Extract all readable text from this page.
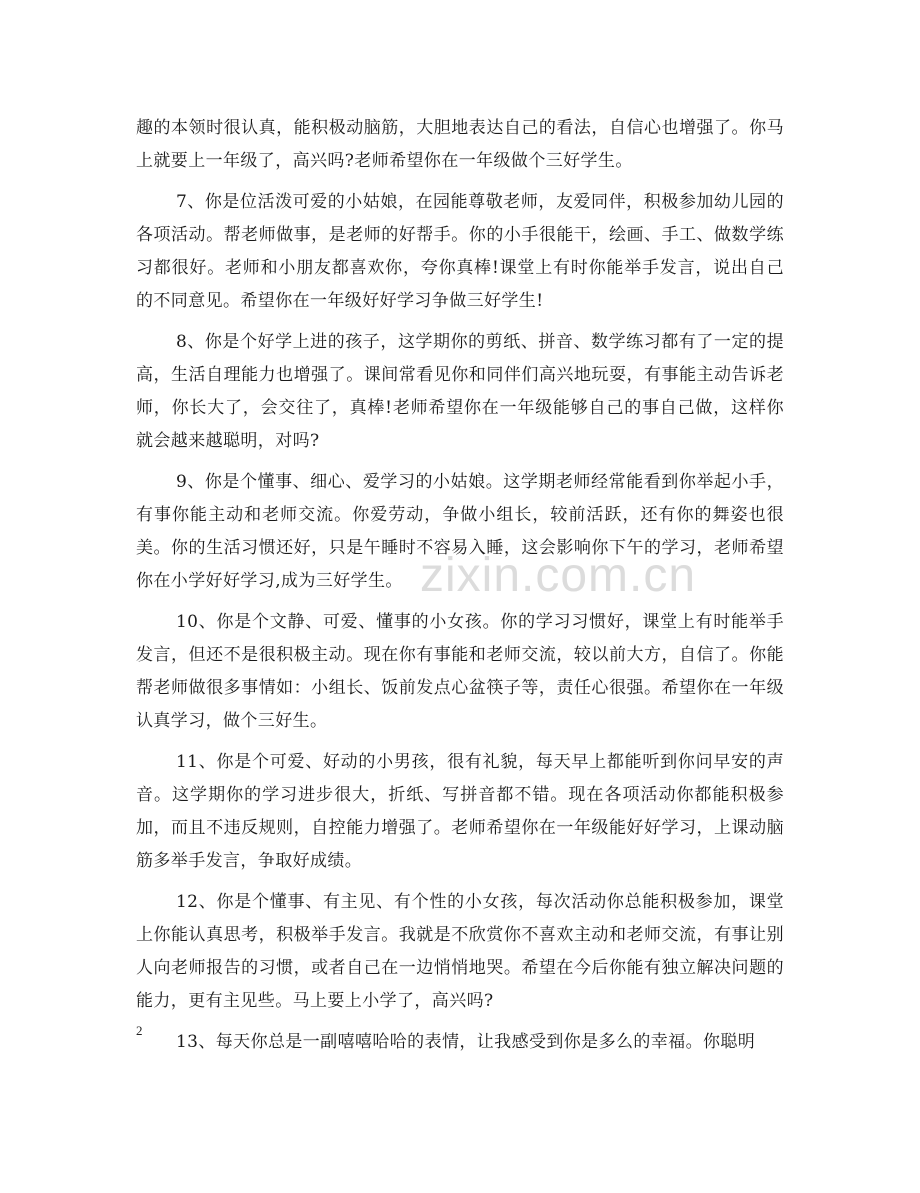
趣的本领时很认真，能积极动脑筋，大胆地表达自己的看法，自信心也增强了。你马上就要上一年级了，高兴吗?老师希望你在一年级做个三好学生。

7、你是位活泼可爱的小姑娘，在园能尊敬老师，友爱同伴，积极参加幼儿园的各项活动。帮老师做事，是老师的好帮手。你的小手很能干，绘画、手工、做数学练习都很好。老师和小朋友都喜欢你，夸你真棒!课堂上有时你能举手发言，说出自己的不同意见。希望你在一年级好好学习争做三好学生!

8、你是个好学上进的孩子，这学期你的剪纸、拼音、数学练习都有了一定的提高，生活自理能力也增强了。课间常看见你和同伴们高兴地玩耍，有事能主动告诉老师，你长大了，会交往了，真棒!老师希望你在一年级能够自己的事自己做，这样你就会越来越聪明，对吗?

9、你是个懂事、细心、爱学习的小姑娘。这学期老师经常能看到你举起小手，有事你能主动和老师交流。你爱劳动，争做小组长，较前活跃，还有你的舞姿也很美。你的生活习惯还好，只是午睡时不容易入睡，这会影响你下午的学习，老师希望你在小学好好学习,成为三好学生。

10、你是个文静、可爱、懂事的小女孩。你的学习习惯好，课堂上有时能举手发言，但还不是很积极主动。现在你有事能和老师交流，较以前大方，自信了。你能帮老师做很多事情如：小组长、饭前发点心盆筷子等，责任心很强。希望你在一年级认真学习，做个三好生。

11、你是个可爱、好动的小男孩，很有礼貌，每天早上都能听到你问早安的声音。这学期你的学习进步很大，折纸、写拼音都不错。现在各项活动你都能积极参加，而且不违反规则，自控能力增强了。老师希望你在一年级能好好学习，上课动脑筋多举手发言，争取好成绩。

12、你是个懂事、有主见、有个性的小女孩，每次活动你总能积极参加，课堂上你能认真思考，积极举手发言。我就是不欣赏你不喜欢主动和老师交流，有事让别人向老师报告的习惯，或者自己在一边悄悄地哭。希望在今后你能有独立解决问题的能力，更有主见些。马上要上小学了，高兴吗?

13、每天你总是一副嘻嘻哈哈的表情，让我感受到你是多么的幸福。你聪明

zixin.com.cn
2
